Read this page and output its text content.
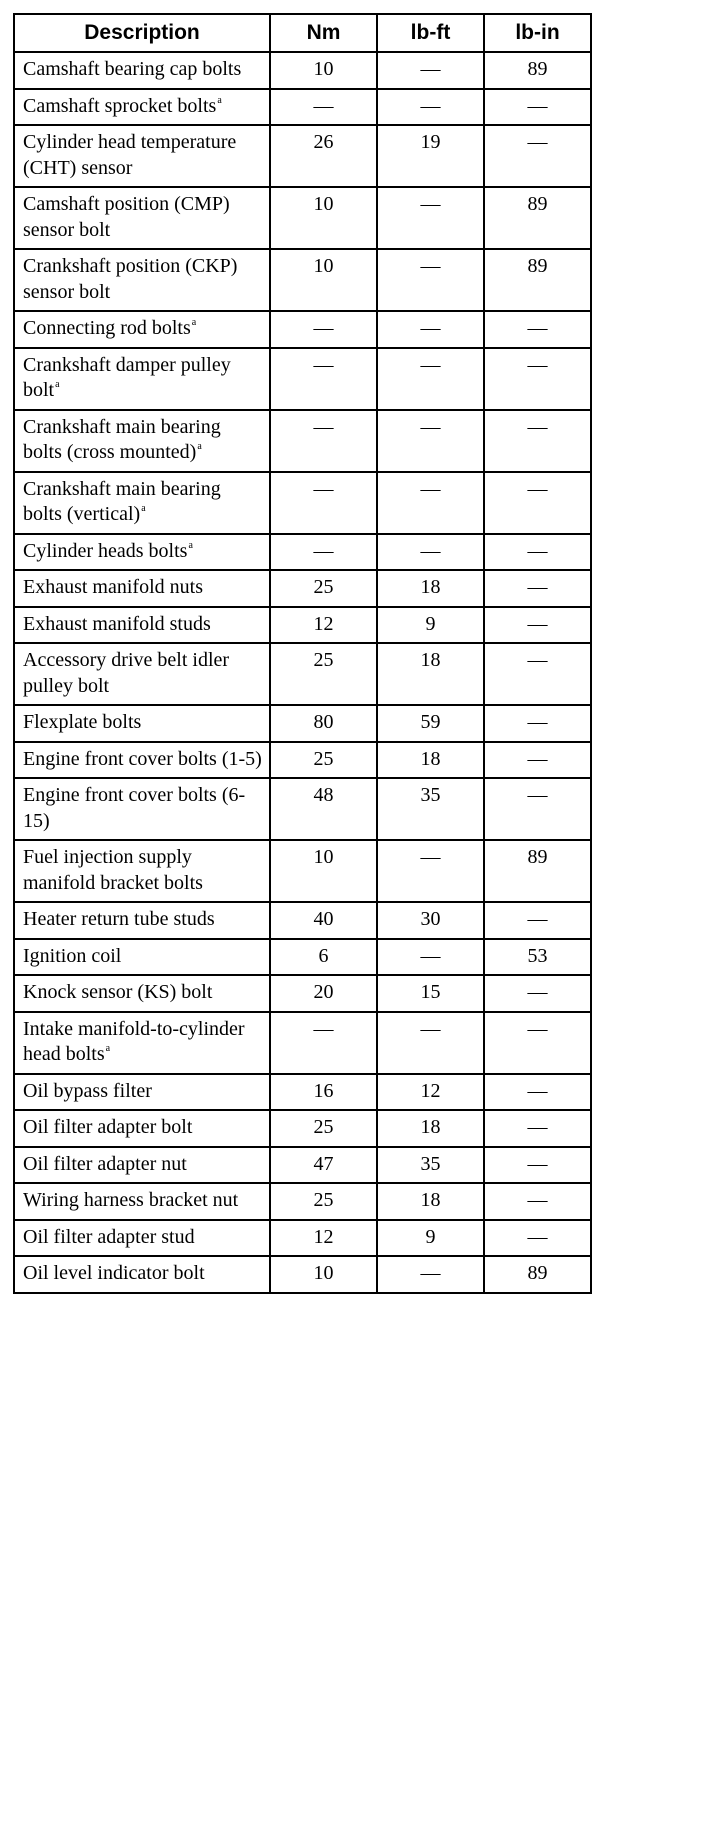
Description	Nm	lb-ft	lb-in
Camshaft bearing cap bolts	10	—	89
Camshaft sprocket bolts$^a$	—	—	—
Cylinder head temperature (CHT) sensor	26	19	—
Camshaft position (CMP) sensor bolt	10	—	89
Crankshaft position (CKP) sensor bolt	10	—	89
Connecting rod bolts$^a$	—	—	—
Crankshaft damper pulley bolt$^a$	—	—	—
Crankshaft main bearing bolts (cross mounted)$^a$	—	—	—
Crankshaft main bearing bolts (vertical)$^a$	—	—	—
Cylinder heads bolts$^a$	—	—	—
Exhaust manifold nuts	25	18	—
Exhaust manifold studs	12	9	—
Accessory drive belt idler pulley bolt	25	18	—
Flexplate bolts	80	59	—
Engine front cover bolts (1-5)	25	18	—
Engine front cover bolts (6-15)	48	35	—
Fuel injection supply manifold bracket bolts	10	—	89
Heater return tube studs	40	30	—
Ignition coil	6	—	53
Knock sensor (KS) bolt	20	15	—
Intake manifold-to-cylinder head bolts$^a$	—	—	—
Oil bypass filter	16	12	—
Oil filter adapter bolt	25	18	—
Oil filter adapter nut	47	35	—
Wiring harness bracket nut	25	18	—
Oil filter adapter stud	12	9	—
Oil level indicator bolt	10	—	89
